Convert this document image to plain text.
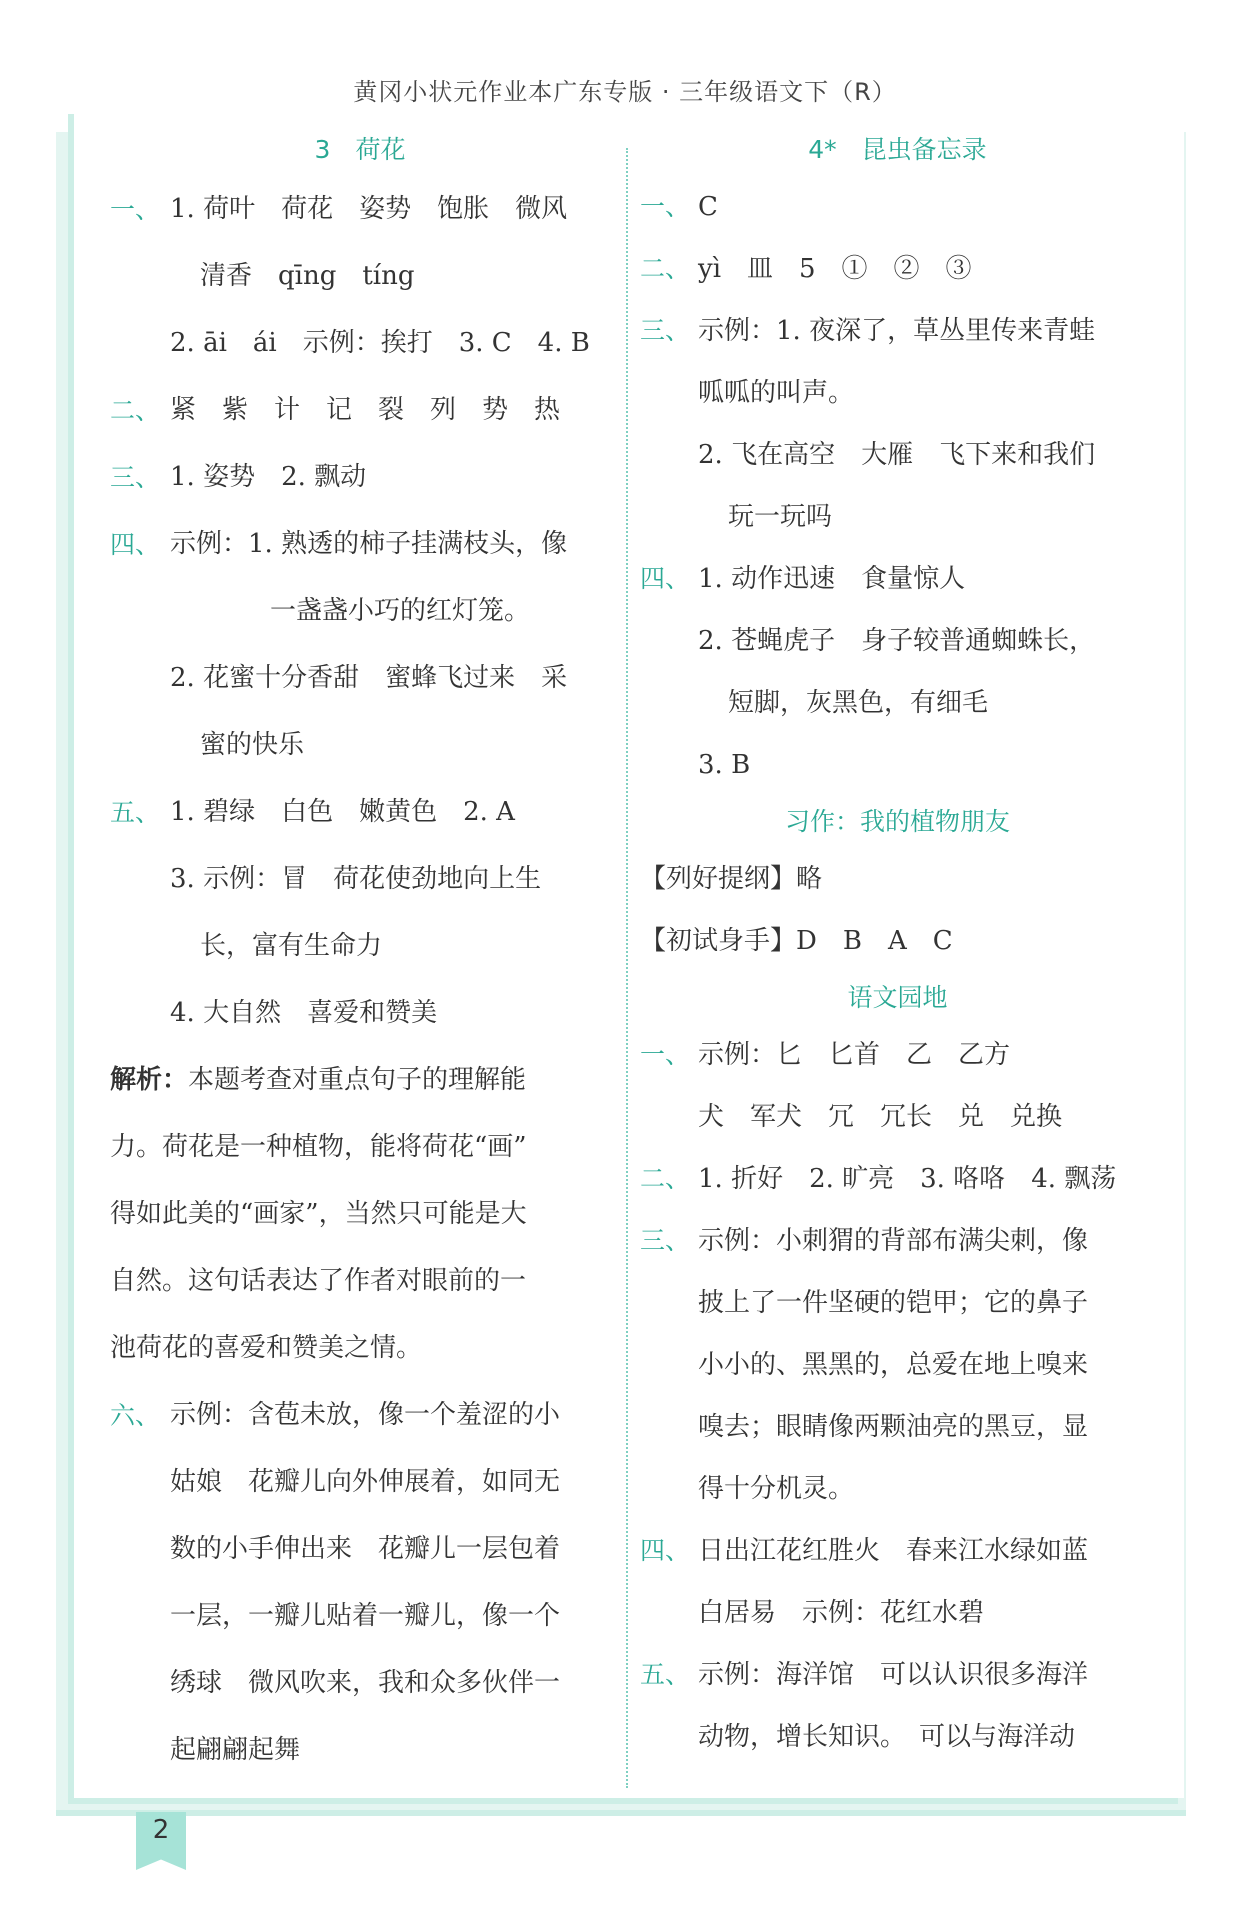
黄冈小状元作业本广东专版 · 三年级语文下（R）
3　荷花
一、 1. 荷叶　荷花　姿势　饱胀　微风
清香　qīng　tíng
2. āi　ái　示例：挨打　3. C　4. B
二、 紧　紫　计　记　裂　列　势　热
三、 1. 姿势　2. 飘动
四、 示例：1. 熟透的柿子挂满枝头，像
一盏盏小巧的红灯笼。
2. 花蜜十分香甜　蜜蜂飞过来　采
蜜的快乐
五、 1. 碧绿　白色　嫩黄色　2. A
3. 示例：冒　荷花使劲地向上生
长，富有生命力
4. 大自然　喜爱和赞美
解析： 本题考查对重点句子的理解能
力。荷花是一种植物，能将荷花“画”
得如此美的“画家”，当然只可能是大
自然。这句话表达了作者对眼前的一
池荷花的喜爱和赞美之情。
六、 示例：含苞未放，像一个羞涩的小
姑娘　花瓣儿向外伸展着，如同无
数的小手伸出来　花瓣儿一层包着
一层，一瓣儿贴着一瓣儿，像一个
绣球　微风吹来，我和众多伙伴一
起翩翩起舞
4*　昆虫备忘录
一、 C
二、 yì　皿　5　①　②　③
三、 示例：1. 夜深了，草丛里传来青蛙
呱呱的叫声。
2. 飞在高空　大雁　飞下来和我们
玩一玩吗
四、 1. 动作迅速　食量惊人
2. 苍蝇虎子　身子较普通蜘蛛长，
短脚，灰黑色，有细毛
3. B
习作：我的植物朋友
【列好提纲】略
【初试身手】D　B　A　C
语文园地
一、 示例：匕　匕首　乙　乙方
犬　军犬　冗　冗长　兑　兑换
二、 1. 折好　2. 旷亮　3. 咯咯　4. 飘荡
三、 示例：小刺猬的背部布满尖刺，像
披上了一件坚硬的铠甲；它的鼻子
小小的、黑黑的，总爱在地上嗅来
嗅去；眼睛像两颗油亮的黑豆，显
得十分机灵。
四、 日出江花红胜火　春来江水绿如蓝
白居易　示例：花红水碧
五、 示例：海洋馆　可以认识很多海洋
动物，增长知识。　可以与海洋动
2
